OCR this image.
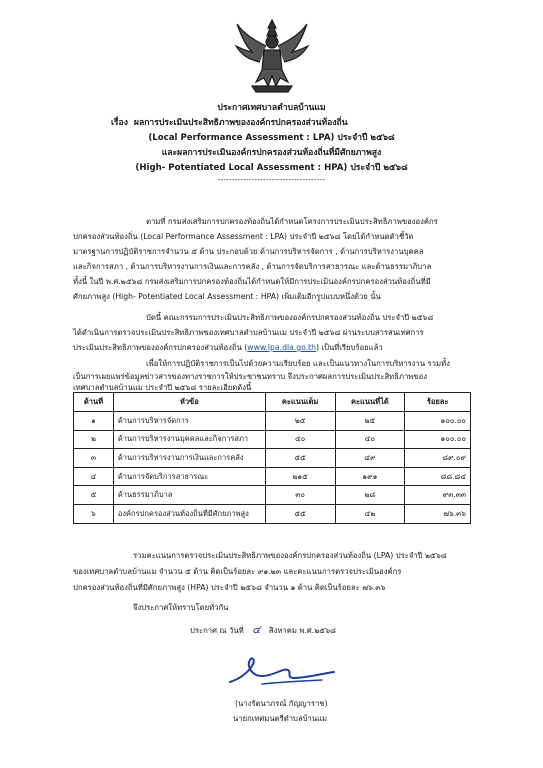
ประกาศเทศบาลตำบลบ้านแม
เรื่อง ผลการประเมินประสิทธิภาพขององค์กรปกครองส่วนท้องถิ่น
(Local Performance Assessment : LPA) ประจำปี ๒๕๖๘
และผลการประเมินองค์กรปกครองส่วนท้องถิ่นที่มีศักยภาพสูง
(High- Potentiated Local Assessment : HPA) ประจำปี ๒๕๖๘
--------------------------------------
ตามที่ กรมส่งเสริมการปกครองท้องถิ่นได้กำหนดโครงการประเมินประสิทธิภาพขององค์กร
ปกครองส่วนท้องถิ่น (Local Performance Assessment : LPA) ประจำปี ๒๕๖๘ โดยได้กำหนดตัวชี้วัด
มาตรฐานการปฏิบัติราชการจำนวน ๕ ด้าน ประกอบด้วย ด้านการบริหารจัดการ , ด้านการบริหารงานบุคคล
และกิจการสภา , ด้านการบริหารงานการเงินและการคลัง , ด้านการจัดบริการสาธารณะ และด้านธรรมาภิบาล
ทั้งนี้ ในปี พ.ศ.๒๕๖๘ กรมส่งเสริมการปกครองท้องถิ่นได้กำหนดให้มีการประเมินองค์กรปกครองส่วนท้องถิ่นที่มี
ศักยภาพสูง (High- Potentiated Local Assessment : HPA) เพิ่มเติมอีกรูปแบบหนึ่งด้วย นั้น
บัดนี้ คณะกรรมการประเมินประสิทธิภาพขององค์กรปกครองส่วนท้องถิ่น ประจำปี ๒๕๖๘
ได้ดำเนินการตรวจประเมินประสิทธิภาพของเทศบาลตำบลบ้านแม ประจำปี ๒๕๖๘ ผ่านระบบสารสนเทศการ
ประเมินประสิทธิภาพขององค์กรปกครองส่วนท้องถิ่น (www.lpa.dla.go.th) เป็นที่เรียบร้อยแล้ว
เพื่อให้การปฏิบัติราชการเป็นไปด้วยความเรียบร้อย และเป็นแนวทางในการบริหารงาน รวมทั้ง
เป็นการเผยแพร่ข้อมูลข่าวสารของทางราชการให้ประชาชนทราบ จึงประกาศผลการประเมินประสิทธิภาพของ
เทศบาลตำบลบ้านแม ประจำปี ๒๕๖๘ รายละเอียดดังนี้
ด้านที่	หัวข้อ	คะแนนเต็ม	คะแนนที่ได้	ร้อยละ
๑	ด้านการบริหารจัดการ	๒๕	๒๕	๑๐๐.๐๐
๒	ด้านการบริหารงานบุคคลและกิจการสภา	๔๐	๔๐	๑๐๐.๐๐
๓	ด้านการบริหารงานการเงินและการคลัง	๕๕	๔๙	๘๙.๐๙
๔	ด้านการจัดบริการสาธารณะ	๒๑๕	๑๙๑	๘๘.๘๔
๕	ด้านธรรมาภิบาล	๓๐	๒๘	๙๓.๓๓
๖	องค์กรปกครองส่วนท้องถิ่นที่มีศักยภาพสูง	๕๕	๔๒	๗๖.๓๖
รวมคะแนนการตรวจประเมินประสิทธิภาพขององค์กรปกครองส่วนท้องถิ่น (LPA) ประจำปี ๒๕๖๘
ของเทศบาลตำบลบ้านแม จำนวน ๕ ด้าน คิดเป็นร้อยละ ๙๑.๒๓ และคะแนนการตรวจประเมินองค์กร
ปกครองส่วนท้องถิ่นที่มีศักยภาพสูง (HPA) ประจำปี ๒๕๖๘ จำนวน ๑ ด้าน คิดเป็นร้อยละ ๗๖.๓๖
จึงประกาศให้ทราบโดยทั่วกัน
ประกาศ ณ วันที่ ๔ สิงหาคม พ.ศ.๒๕๖๘
(นางรัตนาภรณ์ กัญญาราช)
นายกเทศมนตรีตำบลบ้านแม
